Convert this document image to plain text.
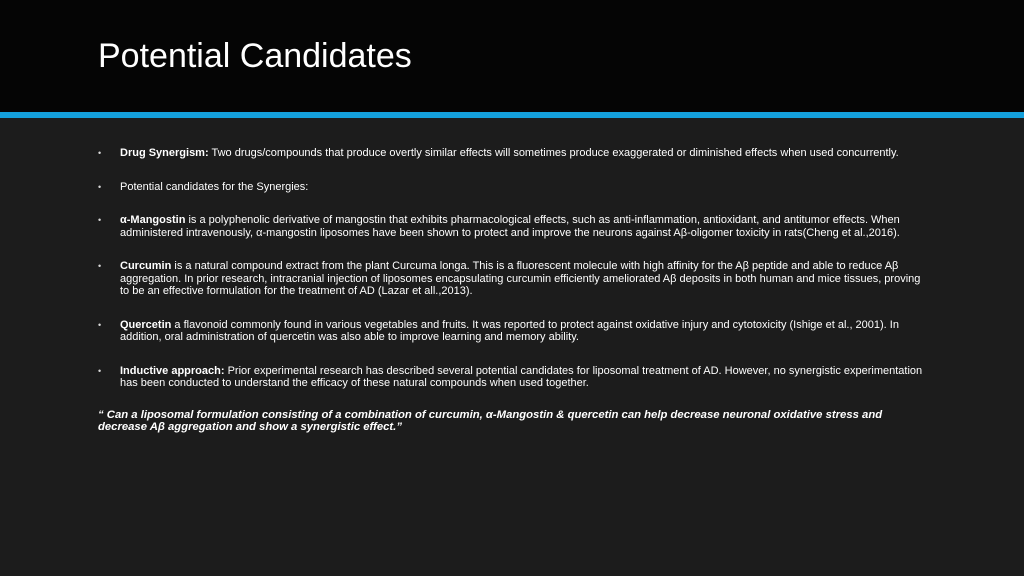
Potential Candidates

• Drug Synergism: Two drugs/compounds that produce overtly similar effects will sometimes produce exaggerated or diminished effects when used concurrently.

• Potential candidates for the Synergies:

• α-Mangostin is a polyphenolic derivative of mangostin that exhibits pharmacological effects, such as anti-inflammation, antioxidant, and antitumor effects. When administered intravenously, α-mangostin liposomes have been shown to protect and improve the neurons against Aβ-oligomer toxicity in rats(Cheng et al.,2016).

• Curcumin is a natural compound extract from the plant Curcuma longa. This is a fluorescent molecule with high affinity for the Aβ peptide and able to reduce Aβ aggregation. In prior research, intracranial injection of liposomes encapsulating curcumin efficiently ameliorated Aβ deposits in both human and mice tissues, proving to be an effective formulation for the treatment of AD (Lazar et all.,2013).

• Quercetin a flavonoid commonly found in various vegetables and fruits. It was reported to protect against oxidative injury and cytotoxicity (Ishige et al., 2001). In addition, oral administration of quercetin was also able to improve learning and memory ability.

• Inductive approach: Prior experimental research has described several potential candidates for liposomal treatment of AD. However, no synergistic experimentation has been conducted to understand the efficacy of these natural compounds when used together.

“ Can a liposomal formulation consisting of a combination of curcumin, α-Mangostin & quercetin can help decrease neuronal oxidative stress and decrease Aβ aggregation and show a synergistic effect.”
